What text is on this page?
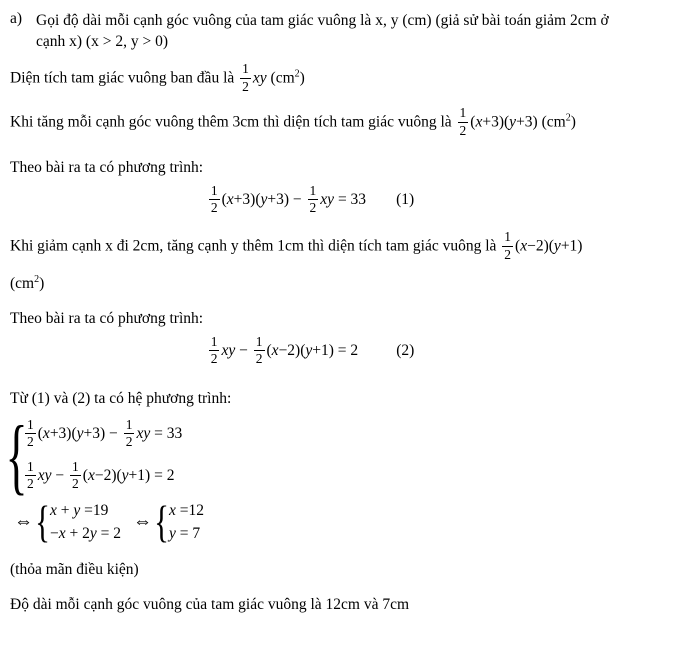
a) Gọi độ dài mỗi cạnh góc vuông của tam giác vuông là x, y (cm) (giả sử bài toán giảm 2cm ở
cạnh x) (x > 2, y > 0)
Diện tích tam giác vuông ban đầu là $\frac{1}{2}$ xy $(cm^2)$
Khi tăng mỗi cạnh góc vuông thêm 3cm thì diện tích tam giác vuông là $\frac{1}{2} (x+3)(y+3)$ $(cm^2)$
Theo bài ra ta có phương trình:
$\frac{1}{2} (x+3)(y+3) - \frac{1}{2}$ xy = 33 (1)
Khi giảm cạnh x đi 2cm, tăng cạnh y thêm 1cm thì diện tích tam giác vuông là $\frac{1}{2} (x-2)(y+1)$
$(cm^2)$
Theo bài ra ta có phương trình:
$\frac{1}{2}$ xy − $\frac{1}{2} (x-2)(y+1) = 2$ (2)
Từ (1) và (2) ta có hệ phương trình:
{
$\frac{1}{2} (x+3)(y+3) - \frac{1}{2}$ xy = 33
$\frac{1}{2}$ xy − $\frac{1}{2} (x-2)(y+1) = 2$
⇔ { x + y =19
−x + 2y = 2
⇔ { x =12
y = 7
(thỏa mãn điều kiện)
Độ dài mỗi cạnh góc vuông của tam giác vuông là 12cm và 7cm
